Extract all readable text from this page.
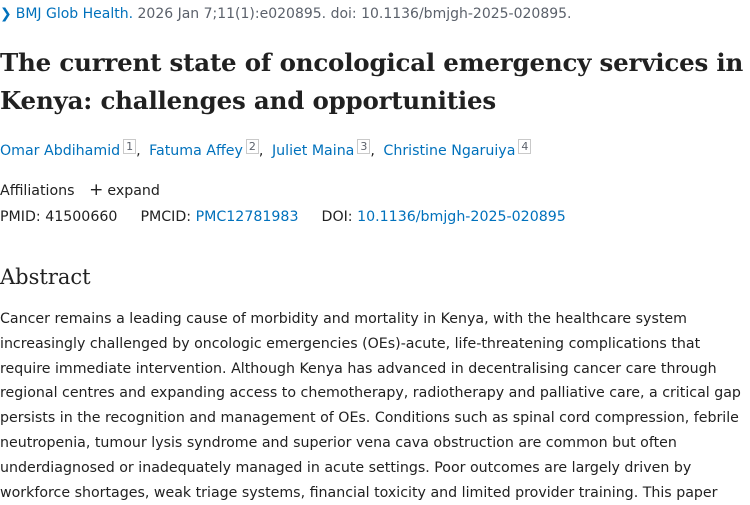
❯ BMJ Glob Health. 2026 Jan 7;11(1):e020895. doi: 10.1136/bmjgh-2025-020895.
The current state of oncological emergency services in Kenya: challenges and opportunities
Omar Abdihamid 1 , Fatuma Affey 2 , Juliet Maina 3 , Christine Ngaruiya 4
Affiliations + expand
PMID: 41500660 PMCID: PMC12781983 DOI: 10.1136/bmjgh-2025-020895
Abstract

Cancer remains a leading cause of morbidity and mortality in Kenya, with the healthcare system increasingly challenged by oncologic emergencies (OEs)-acute, life-threatening complications that require immediate intervention. Although Kenya has advanced in decentralising cancer care through regional centres and expanding access to chemotherapy, radiotherapy and palliative care, a critical gap persists in the recognition and management of OEs. Conditions such as spinal cord compression, febrile neutropenia, tumour lysis syndrome and superior vena cava obstruction are common but often underdiagnosed or inadequately managed in acute settings. Poor outcomes are largely driven by workforce shortages, weak triage systems, financial toxicity and limited provider training. This paper
